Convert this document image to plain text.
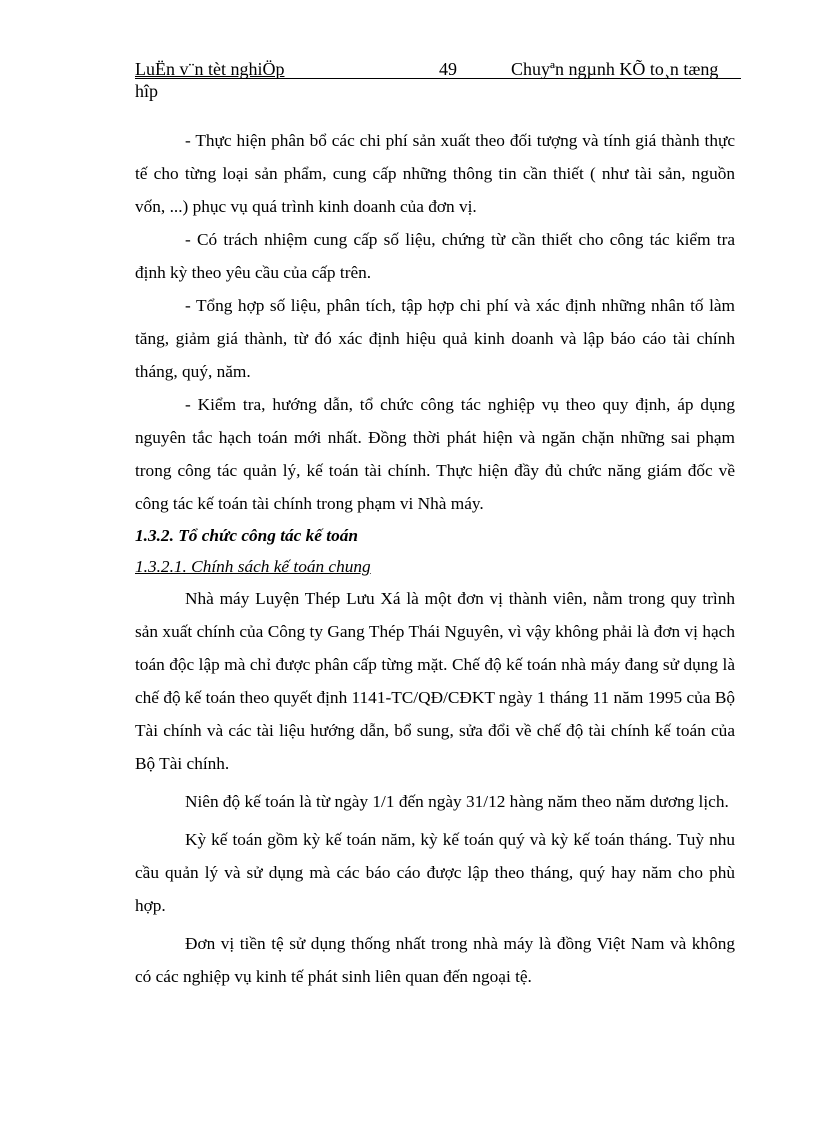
LuËn v¨n tèt nghiÖp	49	Chuyªn ngµnh KÕ to¸n tæng
hîp

- Thực hiện phân bổ các chi phí sản xuất theo đối tượng và tính giá thành thực tế cho từng loại sản phẩm, cung cấp những thông tin cần thiết ( như tài sản, nguồn vốn, ...) phục vụ quá trình kinh doanh của đơn vị.

- Có trách nhiệm cung cấp số liệu, chứng từ cần thiết cho công tác kiểm tra định kỳ theo yêu cầu của cấp trên.

- Tổng hợp số liệu, phân tích, tập hợp chi phí và xác định những nhân tố làm tăng, giảm giá thành, từ đó xác định hiệu quả kinh doanh và lập báo cáo tài chính tháng, quý, năm.

- Kiểm tra, hướng dẫn, tổ chức công tác nghiệp vụ theo quy định, áp dụng nguyên tắc hạch toán mới nhất. Đồng thời phát hiện và ngăn chặn những sai phạm trong công tác quản lý, kế toán tài chính. Thực hiện đầy đủ chức năng giám đốc về công tác kế toán tài chính trong phạm vi Nhà máy.

1.3.2. Tổ chức công tác kế toán

1.3.2.1. Chính sách kế toán chung

Nhà máy Luyện Thép Lưu Xá là một đơn vị thành viên, nằm trong quy trình sản xuất chính của Công ty Gang Thép Thái Nguyên, vì vậy không phải là đơn vị hạch toán độc lập mà chỉ được phân cấp từng mặt. Chế độ kế toán nhà máy đang sử dụng là chế độ kế toán theo quyết định 1141-TC/QĐ/CĐKT ngày 1 tháng 11 năm 1995 của Bộ Tài chính và các tài liệu hướng dẫn, bổ sung, sửa đổi về chế độ tài chính kế toán của Bộ Tài chính.

Niên độ kế toán là từ ngày 1/1 đến ngày 31/12 hàng năm theo năm dương lịch.

Kỳ kế toán gồm kỳ kế toán năm, kỳ kế toán quý và kỳ kế toán tháng. Tuỳ nhu cầu quản lý và sử dụng mà các báo cáo được lập theo tháng, quý hay năm cho phù hợp.

Đơn vị tiền tệ sử dụng thống nhất trong nhà máy là đồng Việt Nam và không có các nghiệp vụ kinh tế phát sinh liên quan đến ngoại tệ.
